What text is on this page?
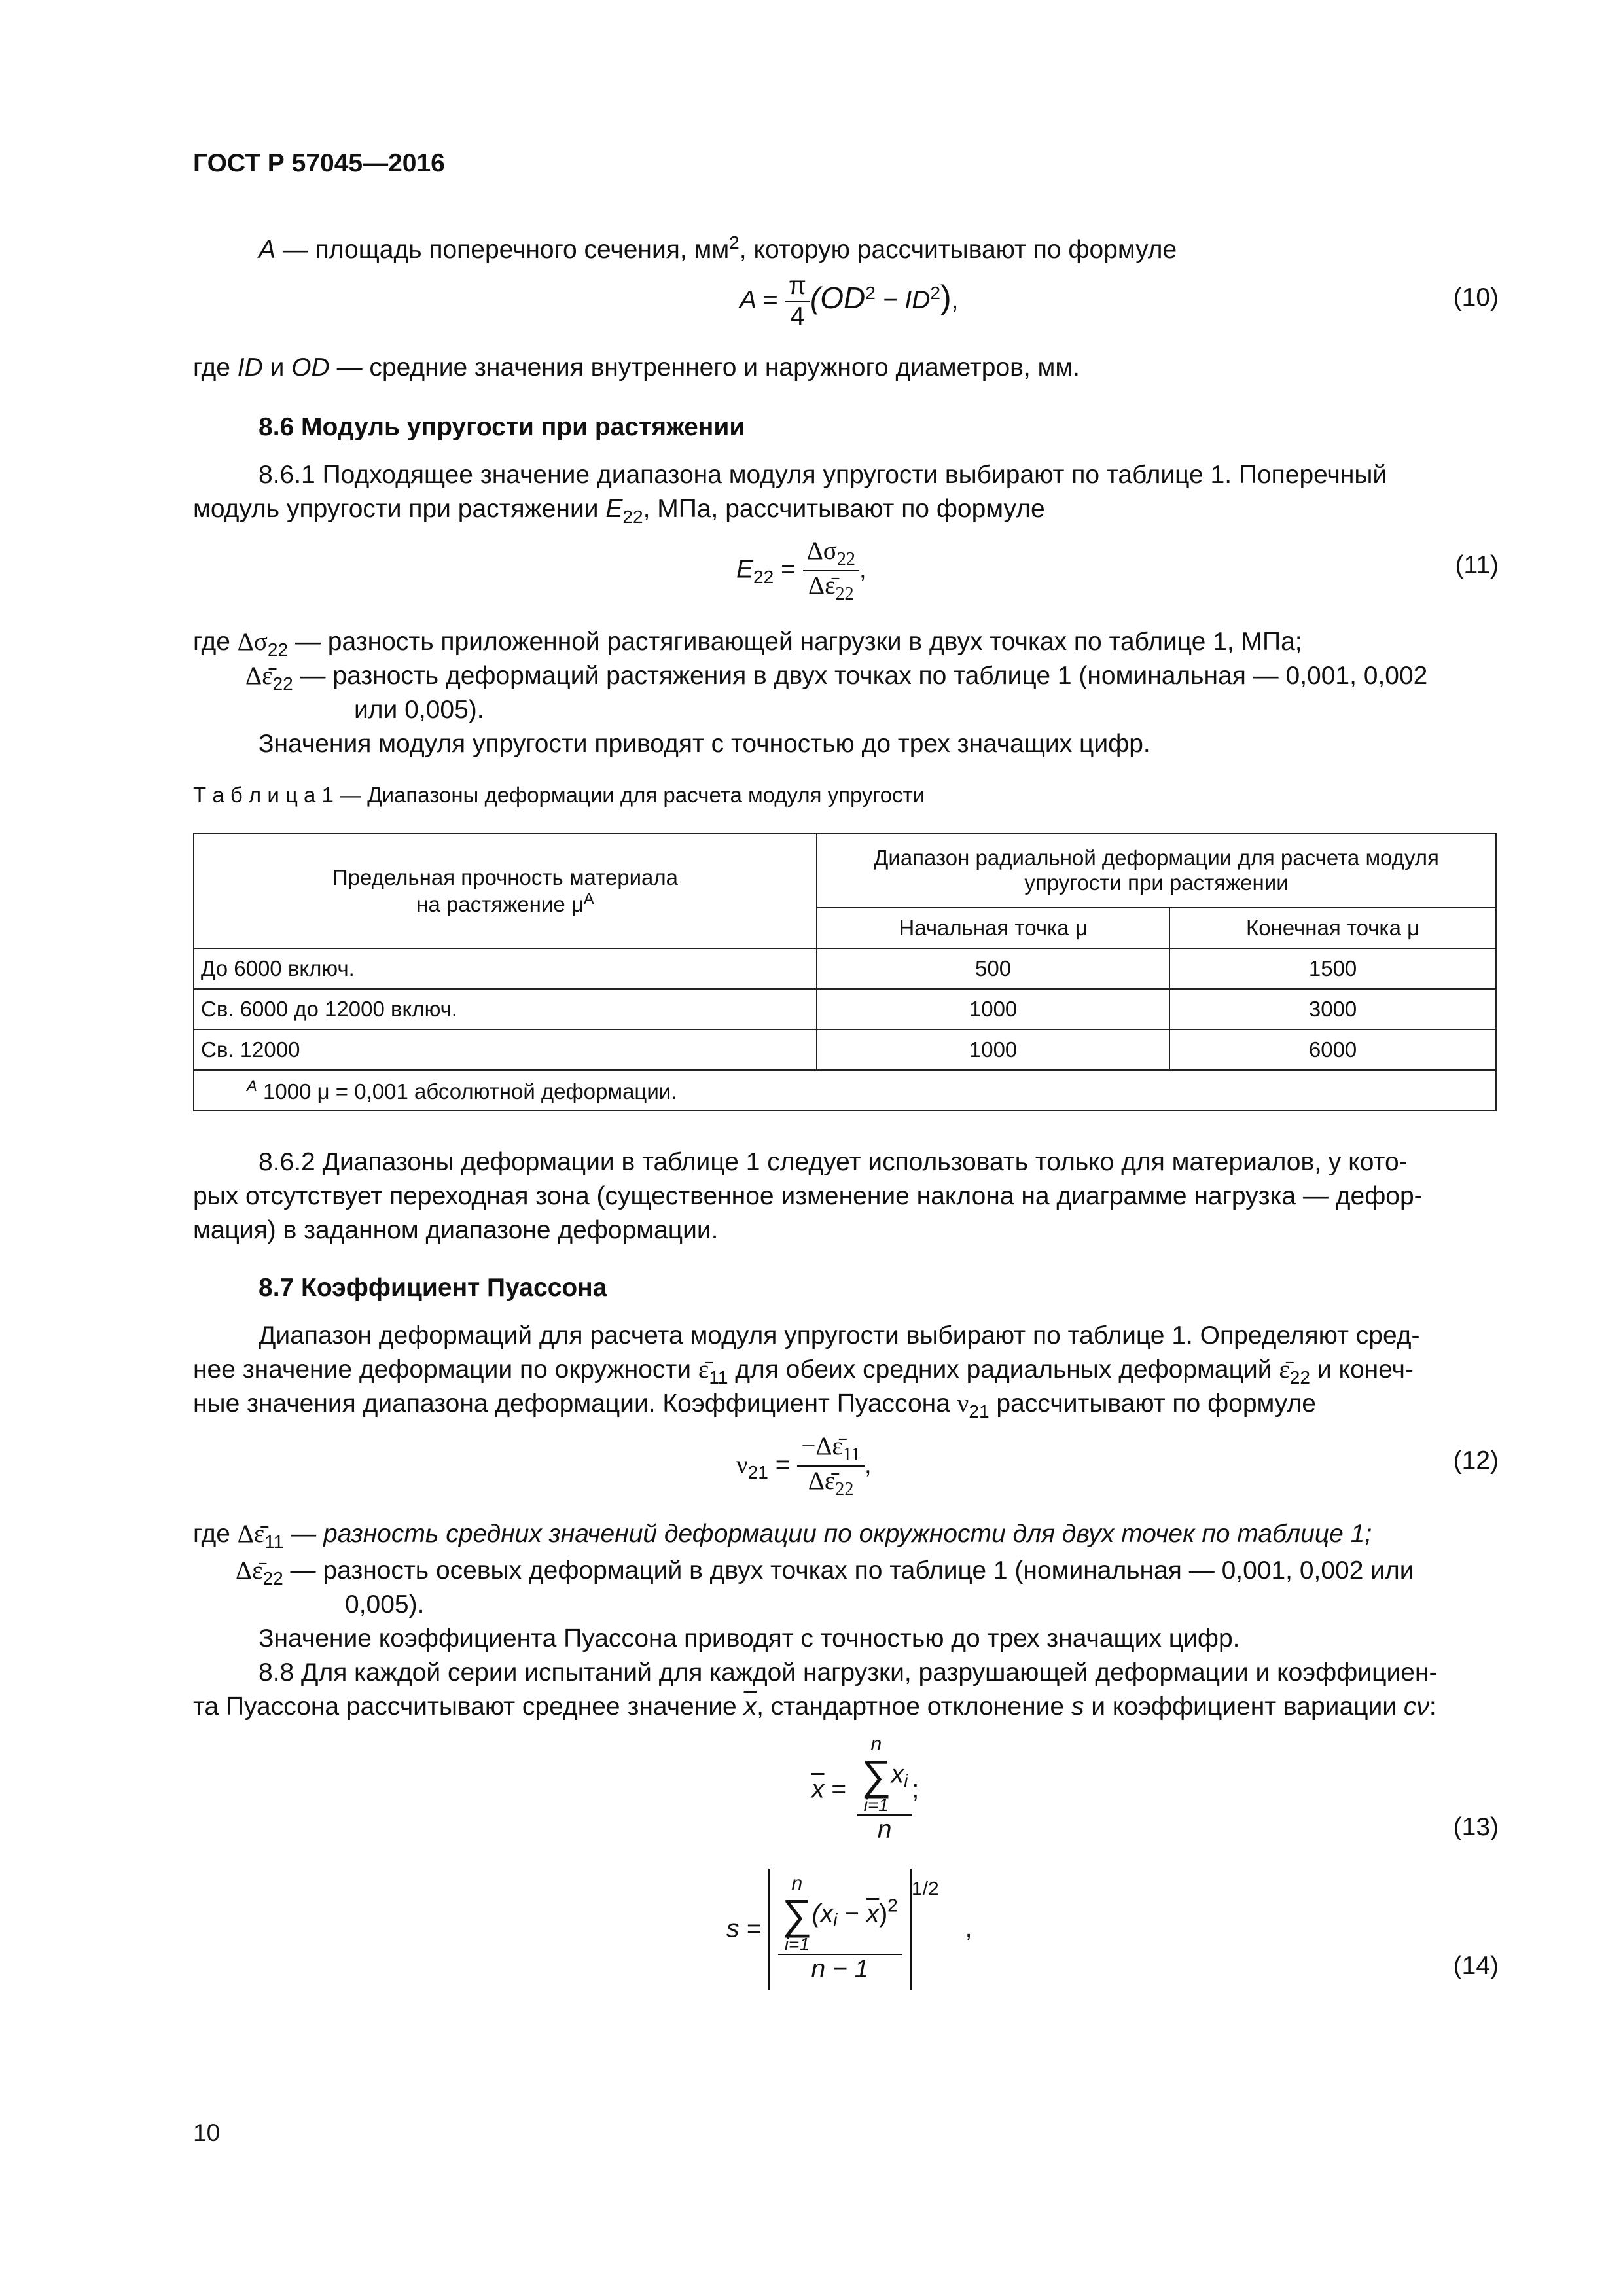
ГОСТ Р 57045—2016
A — площадь поперечного сечения, $мм^2$, которую рассчитывают по формуле
$A = \frac{\pi}{4} (OD^2 - ID^2)$,	(10)
где ID и OD — средние значения внутреннего и наружного диаметров, мм.
8.6 Модуль упругости при растяжении
8.6.1 Подходящее значение диапазона модуля упругости выбирают по таблице 1. Поперечный
модуль упругости при растяжении $E_{22}$, МПа, рассчитывают по формуле
$E_{22} = \frac{\Delta\sigma_{22}}{\Delta\varepsilon̄_{22}}$ ,	(11)
где $\Delta\sigma_{22}$ — разность приложенной растягивающей нагрузки в двух точках по таблице 1, МПа;
$\Delta\varepsilon̄_{22}$ — разность деформаций растяжения в двух точках по таблице 1 (номинальная — 0,001, 0,002
или 0,005).
Значения модуля упругости приводят с точностью до трех значащих цифр.
Т а б л и ц а 1 — Диапазоны деформации для расчета модуля упругости
Предельная прочность материала
на растяжение $\mu^A$	Диапазон радиальной деформации для расчета модуля
упругости при растяжении	
	Начальная точка μ	Конечная точка μ
До 6000 включ.	500	1500
Св. 6000 до 12000 включ.	1000	3000
Св. 12000	1000	6000
$^A$ 1000 μ = 0,001 абсолютной деформации.		
8.6.2 Диапазоны деформации в таблице 1 следует использовать только для материалов, у кото-
рых отсутствует переходная зона (существенное изменение наклона на диаграмме нагрузка — дефор-
мация) в заданном диапазоне деформации.
8.7 Коэффициент Пуассона
Диапазон деформаций для расчета модуля упругости выбирают по таблице 1. Определяют сред-
нее значение деформации по окружности $\varepsilon̄_{11}$ для обеих средних радиальных деформаций $\varepsilon̄_{22}$ и конеч-
ные значения диапазона деформации. Коэффициент Пуассона $\nu_{21}$ рассчитывают по формуле
$\nu_{21} = \frac{-\Delta\varepsilon̄_{11}}{\Delta\varepsilon̄_{22}}$ ,	(12)
где $\Delta\varepsilon̄_{11}$ — разность средних значений деформации по окружности для двух точек по таблице 1;
$\Delta\varepsilon̄_{22}$ — разность осевых деформаций в двух точках по таблице 1 (номинальная — 0,001, 0,002 или
0,005).
Значение коэффициента Пуассона приводят с точностью до трех значащих цифр.
8.8 Для каждой серии испытаний для каждой нагрузки, разрушающей деформации и коэффициен-
та Пуассона рассчитывают среднее значение $\overline{x}$, стандартное отклонение s и коэффициент вариации cν:
$\overline{x} = n$
∑
i=1
$x_i$
n ;
(13)
s = n
∑
i=1
$(x_i - \overline{x})^2$
n − 1 $^{1/2}$,
(14)
10
